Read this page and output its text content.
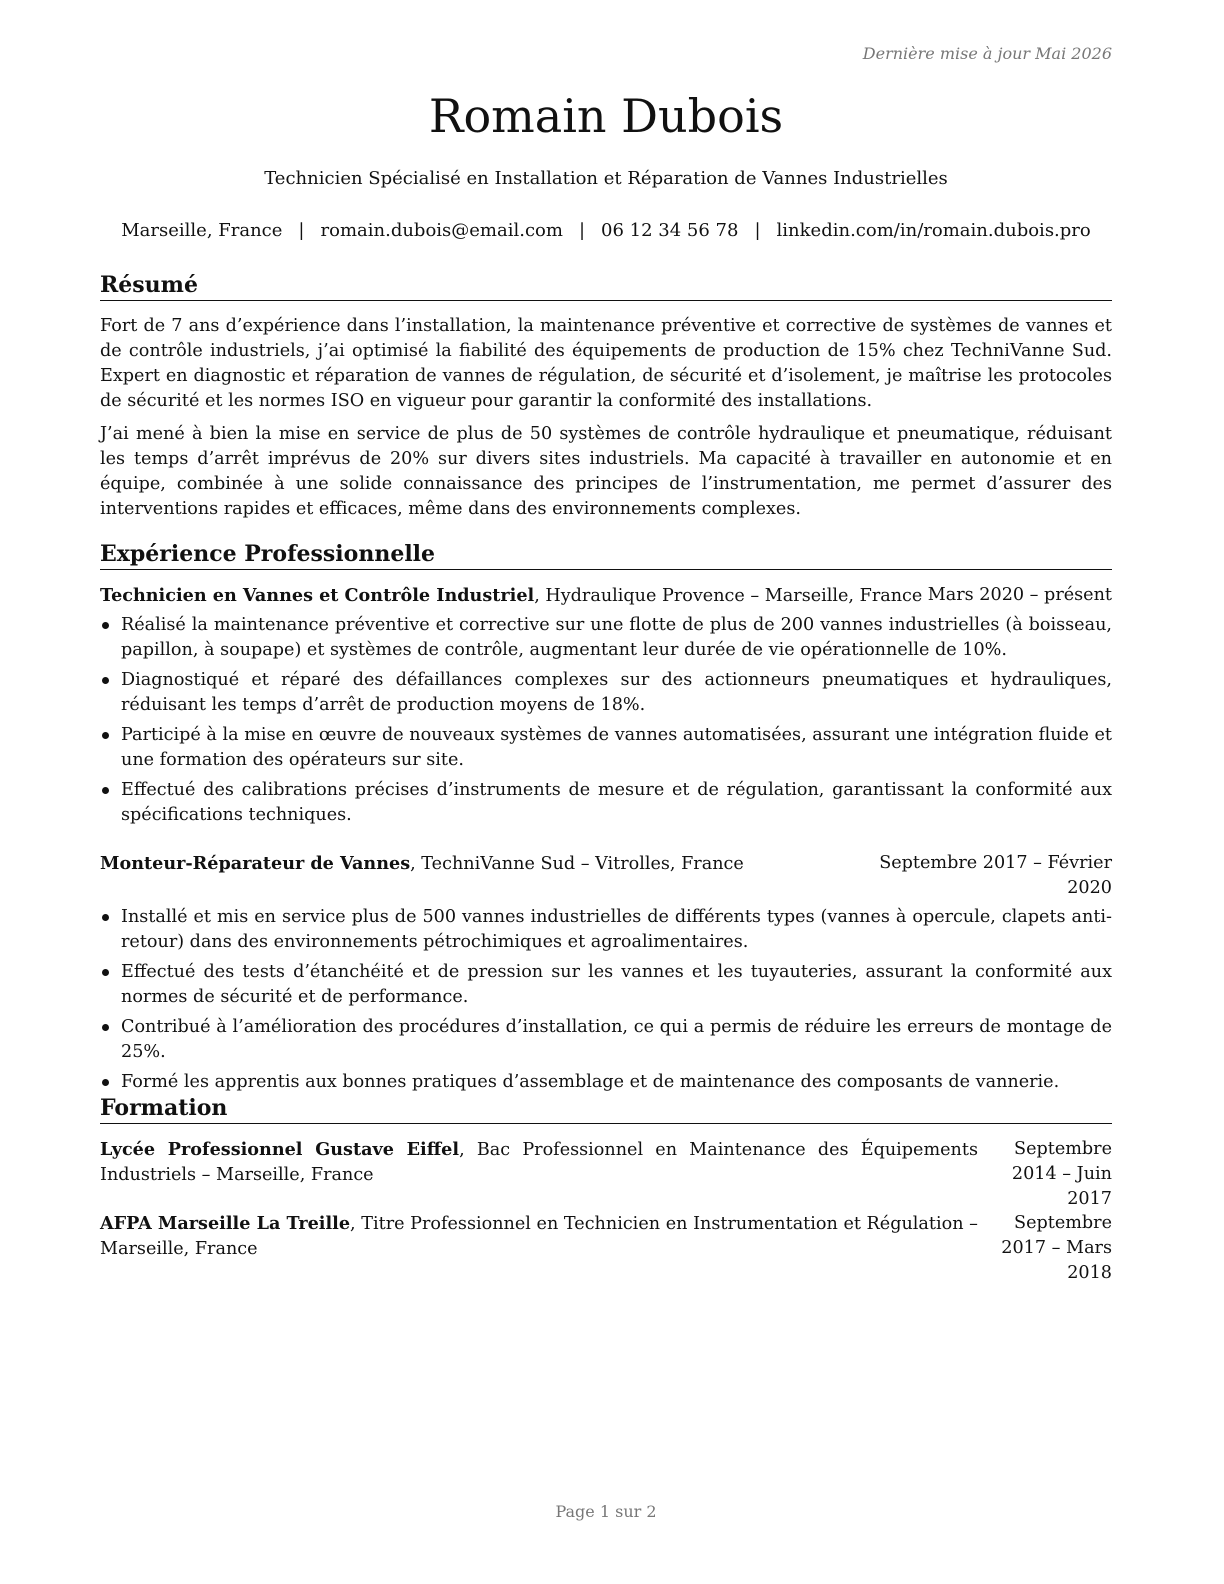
Dernière mise à jour Mai 2026
Romain Dubois
Technicien Spécialisé en Installation et Réparation de Vannes Industrielles
Marseille, France | romain.dubois@email.com | 06 12 34 56 78 | linkedin.com/in/romain.dubois.pro
Résumé

Fort de 7 ans d’expérience dans l’installation, la maintenance préventive et corrective de systèmes de vannes et de contrôle industriels, j’ai optimisé la fiabilité des équipements de production de 15% chez TechniVanne Sud. Expert en diagnostic et réparation de vannes de régulation, de sécurité et d’isolement, je maîtrise les protocoles de sécurité et les normes ISO en vigueur pour garantir la conformité des installations.

J’ai mené à bien la mise en service de plus de 50 systèmes de contrôle hydraulique et pneumatique, réduisant les temps d’arrêt imprévus de 20% sur divers sites industriels. Ma capacité à travailler en autonomie et en équipe, combinée à une solide connaissance des principes de l’instrumentation, me permet d’assurer des interventions rapides et efficaces, même dans des environnements complexes.

Expérience Professionnelle
Technicien en Vannes et Contrôle Industriel, Hydraulique Provence – Marseille, France Mars 2020 – présent
Réalisé la maintenance préventive et corrective sur une flotte de plus de 200 vannes industrielles (à boisseau, papillon, à soupape) et systèmes de contrôle, augmentant leur durée de vie opérationnelle de 10%.
Diagnostiqué et réparé des défaillances complexes sur des actionneurs pneumatiques et hydrauliques, réduisant les temps d’arrêt de production moyens de 18%.
Participé à la mise en œuvre de nouveaux systèmes de vannes automatisées, assurant une intégration fluide et une formation des opérateurs sur site.
Effectué des calibrations précises d’instruments de mesure et de régulation, garantissant la conformité aux spécifications techniques.
Monteur-Réparateur de Vannes, TechniVanne Sud – Vitrolles, France	Septembre 2017 – Février 2020
Installé et mis en service plus de 500 vannes industrielles de différents types (vannes à opercule, clapets anti-retour) dans des environnements pétrochimiques et agroalimentaires.
Effectué des tests d’étanchéité et de pression sur les vannes et les tuyauteries, assurant la conformité aux normes de sécurité et de performance.
Contribué à l’amélioration des procédures d’installation, ce qui a permis de réduire les erreurs de montage de 25%.
Formé les apprentis aux bonnes pratiques d’assemblage et de maintenance des composants de vannerie.
Formation
Lycée Professionnel Gustave Eiffel, Bac Professionnel en Maintenance des Équipements Industriels – Marseille, France
Septembre 2014 – Juin 2017
AFPA Marseille La Treille, Titre Professionnel en Technicien en Instrumentation et Régulation – Marseille, France
Septembre 2017 – Mars 2018
Page 1 sur 2
